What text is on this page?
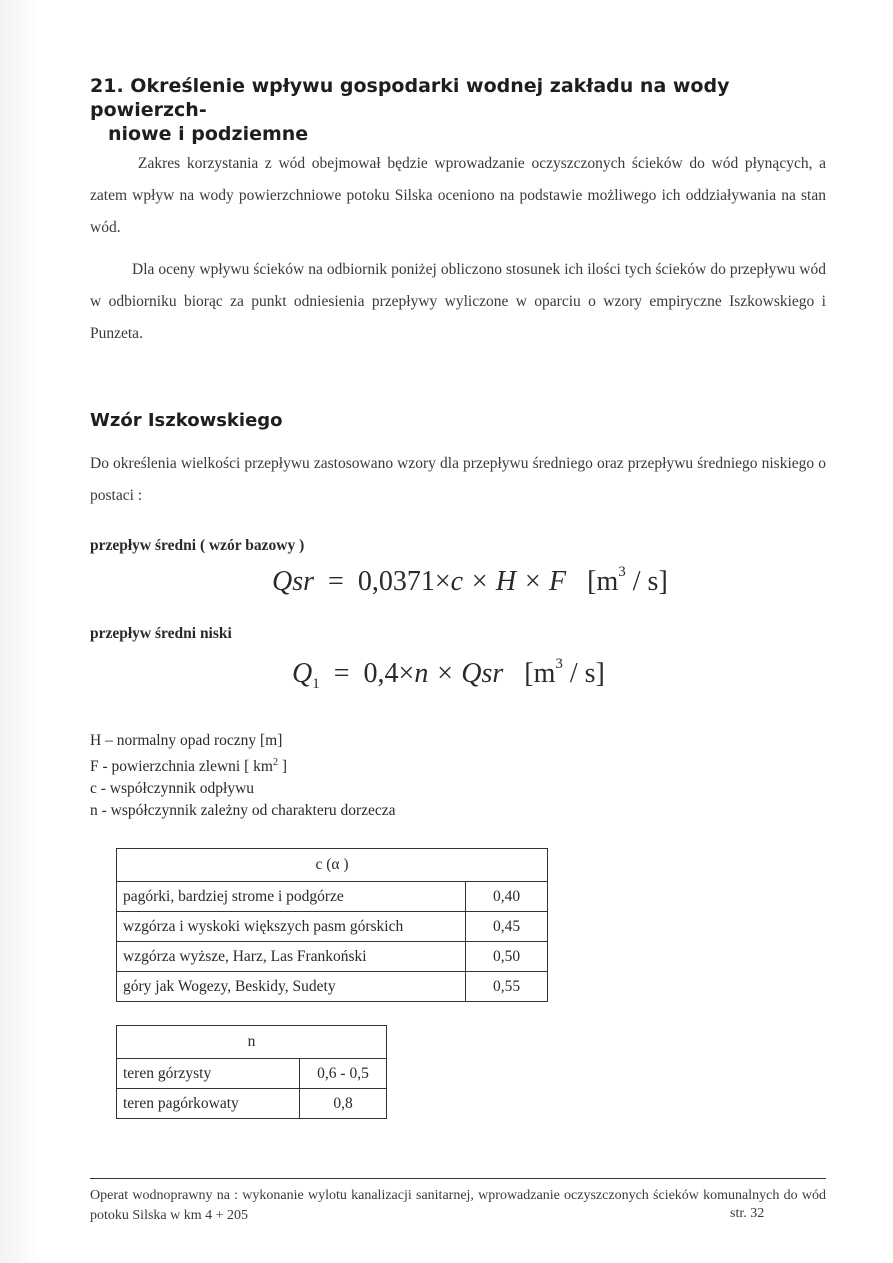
21. Określenie wpływu gospodarki wodnej zakładu na wody powierzch-
niowe i podziemne

Zakres korzystania z wód obejmował będzie wprowadzanie oczyszczonych ścieków do wód płynących, a zatem wpływ na wody powierzchniowe potoku Silska oceniono na podstawie możliwego ich oddziaływania na stan wód.

Dla oceny wpływu ścieków na odbiornik poniżej obliczono stosunek ich ilości tych ścieków do przepływu wód w odbiorniku biorąc za punkt odniesienia przepływy wyliczone w oparciu o wzory empiryczne Iszkowskiego i Punzeta.

Wzór Iszkowskiego

Do określenia wielkości przepływu zastosowano wzory dla przepływu średniego oraz przepływu średniego niskiego o postaci :

przepływ średni ( wzór bazowy )

Qsr = 0,0371×c × H × F $[m^3 / s]$

przepływ średni niski

$Q_1 = 0,4\times n$ × Qsr $[m^3 / s]$

H – normalny opad roczny [m]
F - powierzchnia zlewni [ $km^2$ ]
c - współczynnik odpływu
n - współczynnik zależny od charakteru dorzecza
c (α )	
pagórki, bardziej strome i podgórze	0,40
wzgórza i wyskoki większych pasm górskich	0,45
wzgórza wyższe, Harz, Las Frankoński	0,50
góry jak Wogezy, Beskidy, Sudety	0,55
n	
teren górzysty	0,6 - 0,5
teren pagórkowaty	0,8

Operat wodnoprawny na : wykonanie wylotu kanalizacji sanitarnej, wprowadzanie oczyszczonych ścieków komunalnych do wód potoku Silska w km 4 + 205	str. 32
